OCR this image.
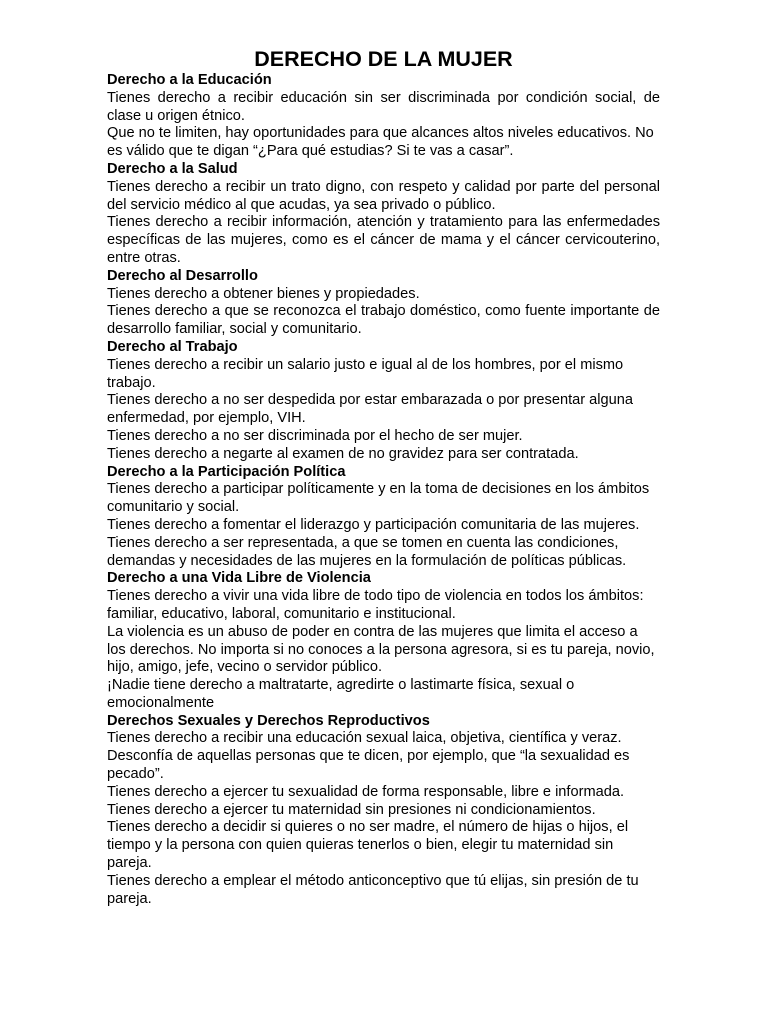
DERECHO DE LA MUJER
Derecho a la Educación

Tienes derecho a recibir educación sin ser discriminada por condición social, de clase u origen étnico.

Que no te limiten, hay oportunidades para que alcances altos niveles educativos. No es válido que te digan “¿Para qué estudias? Si te vas a casar”.

Derecho a la Salud

Tienes derecho a recibir un trato digno, con respeto y calidad por parte del personal del servicio médico al que acudas, ya sea privado o público.

Tienes derecho a recibir información, atención y tratamiento para las enfermedades específicas de las mujeres, como es el cáncer de mama y el cáncer cervicouterino, entre otras.

Derecho al Desarrollo

Tienes derecho a obtener bienes y propiedades.

Tienes derecho a que se reconozca el trabajo doméstico, como fuente importante de desarrollo familiar, social y comunitario.

Derecho al Trabajo

Tienes derecho a recibir un salario justo e igual al de los hombres, por el mismo trabajo.

Tienes derecho a no ser despedida por estar embarazada o por presentar alguna enfermedad, por ejemplo, VIH.

Tienes derecho a no ser discriminada por el hecho de ser mujer.

Tienes derecho a negarte al examen de no gravidez para ser contratada.

Derecho a la Participación Política

Tienes derecho a participar políticamente y en la toma de decisiones en los ámbitos comunitario y social.

Tienes derecho a fomentar el liderazgo y participación comunitaria de las mujeres.

Tienes derecho a ser representada, a que se tomen en cuenta las condiciones, demandas y necesidades de las mujeres en la formulación de políticas públicas.

Derecho a una Vida Libre de Violencia

Tienes derecho a vivir una vida libre de todo tipo de violencia en todos los ámbitos: familiar, educativo, laboral, comunitario e institucional.

La violencia es un abuso de poder en contra de las mujeres que limita el acceso a los derechos. No importa si no conoces a la persona agresora, si es tu pareja, novio, hijo, amigo, jefe, vecino o servidor público.

¡Nadie tiene derecho a maltratarte, agredirte o lastimarte física, sexual o emocionalmente

Derechos Sexuales y Derechos Reproductivos

Tienes derecho a recibir una educación sexual laica, objetiva, científica y veraz.

Desconfía de aquellas personas que te dicen, por ejemplo, que “la sexualidad es pecado”.

Tienes derecho a ejercer tu sexualidad de forma responsable, libre e informada.

Tienes derecho a ejercer tu maternidad sin presiones ni condicionamientos.

Tienes derecho a decidir si quieres o no ser madre, el número de hijas o hijos, el tiempo y la persona con quien quieras tenerlos o bien, elegir tu maternidad sin pareja.

Tienes derecho a emplear el método anticonceptivo que tú elijas, sin presión de tu pareja.
